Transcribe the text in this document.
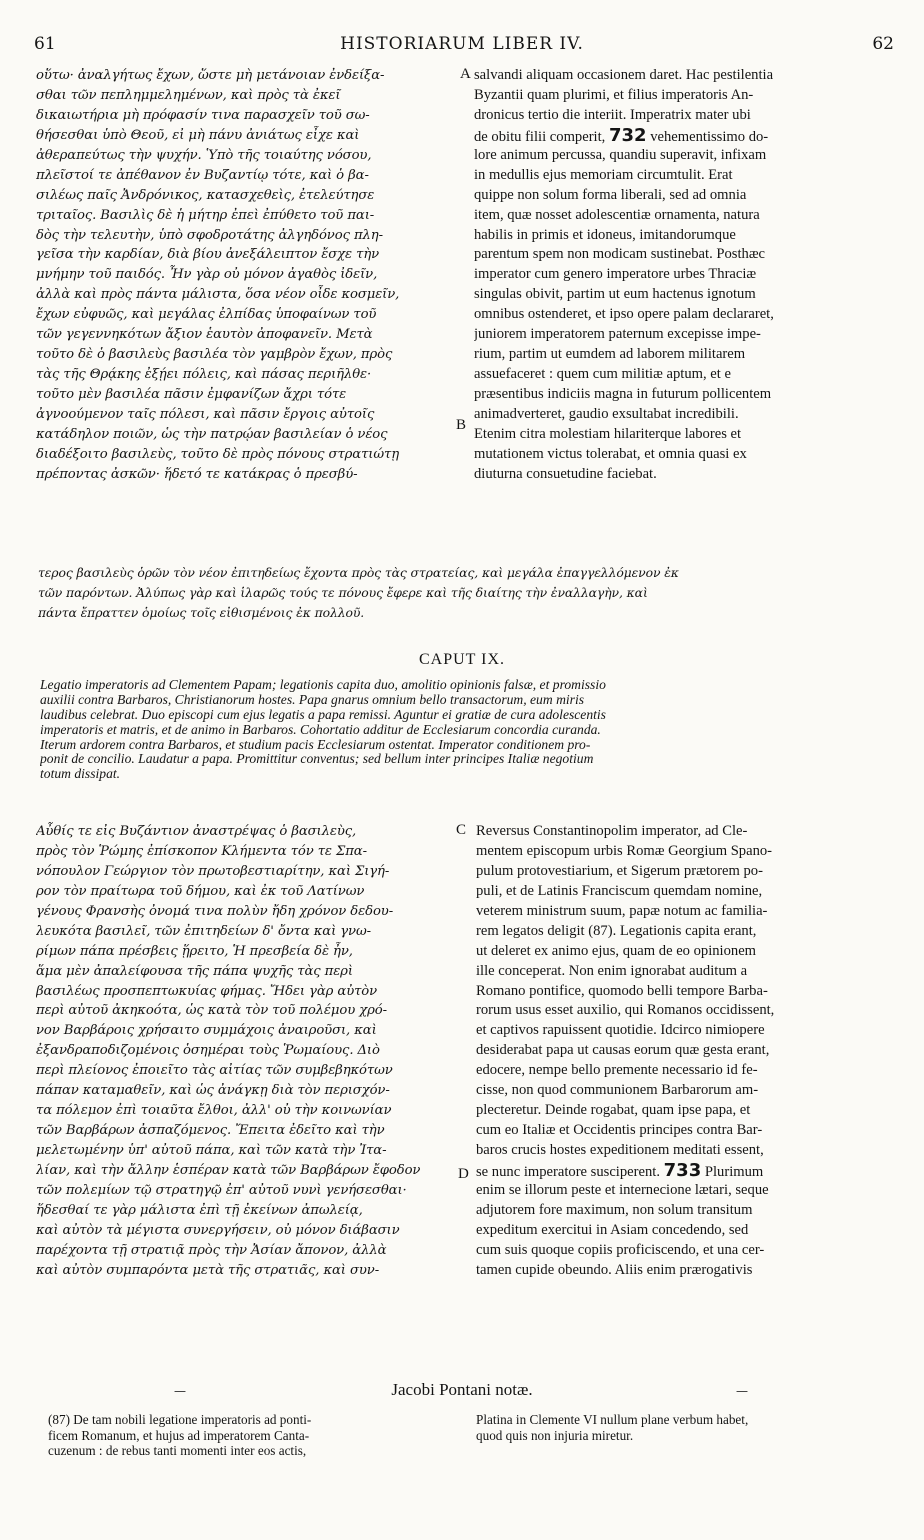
61	HISTORIARUM LIBER IV.	62
οὕτω· ἀναλγήτως ἔχων, ὥστε μὴ μετάνοιαν ἐνδείξα-
σθαι τῶν πεπλημμελημένων, καὶ πρὸς τὰ ἐκεῖ
δικαιωτήρια μὴ πρόφασίν τινα παρασχεῖν τοῦ σω-
θήσεσθαι ὑπὸ Θεοῦ, εἰ μὴ πάνυ ἀνιάτως εἶχε καὶ
ἀθεραπεύτως τὴν ψυχήν. Ὑπὸ τῆς τοιαύτης νόσου,
πλεῖστοί τε ἀπέθανον ἐν Βυζαντίῳ τότε, καὶ ὁ βα-
σιλέως παῖς Ἀνδρόνικος, κατασχεθεὶς, ἐτελεύτησε
τριταῖος. Βασιλὶς δὲ ἡ μήτηρ ἐπεὶ ἐπύθετο τοῦ παι-
δὸς τὴν τελευτὴν, ὑπὸ σφοδροτάτης ἀλγηδόνος πλη-
γεῖσα τὴν καρδίαν, διὰ βίου ἀνεξάλειπτον ἔσχε τὴν
μνήμην τοῦ παιδός. Ἦν γὰρ οὐ μόνον ἀγαθὸς ἰδεῖν,
ἀλλὰ καὶ πρὸς πάντα μάλιστα, ὅσα νέον οἶδε κοσμεῖν,
ἔχων εὐφυῶς, καὶ μεγάλας ἐλπίδας ὑποφαίνων τοῦ
τῶν γεγεννηκότων ἄξιον ἑαυτὸν ἀποφανεῖν. Μετὰ
τοῦτο δὲ ὁ βασιλεὺς βασιλέα τὸν γαμβρὸν ἔχων, πρὸς
τὰς τῆς Θρᾴκης ἐξῄει πόλεις, καὶ πάσας περιῆλθε·
τοῦτο μὲν βασιλέα πᾶσιν ἐμφανίζων ἄχρι τότε
ἀγνοούμενον ταῖς πόλεσι, καὶ πᾶσιν ἔργοις αὐτοῖς
κατάδηλον ποιῶν, ὡς τὴν πατρῴαν βασιλείαν ὁ νέος
διαδέξοιτο βασιλεὺς, τοῦτο δὲ πρὸς πόνους στρατιώτῃ
πρέποντας ἀσκῶν· ἥδετό τε κατάκρας ὁ πρεσβύ-
A
B
salvandi aliquam occasionem daret. Hac pestilentia
Byzantii quam plurimi, et filius imperatoris An-
dronicus tertio die interiit. Imperatrix mater ubi
de obitu filii comperit, 732 vehementissimo do-
lore animum percussa, quandiu superavit, infixam
in medullis ejus memoriam circumtulit. Erat
quippe non solum forma liberali, sed ad omnia
item, quæ nosset adolescentiæ ornamenta, natura
habilis in primis et idoneus, imitandorumque
parentum spem non modicam sustinebat. Posthæc
imperator cum genero imperatore urbes Thraciæ
singulas obivit, partim ut eum hactenus ignotum
omnibus ostenderet, et ipso opere palam declararet,
juniorem imperatorem paternum excepisse impe-
rium, partim ut eumdem ad laborem militarem
assuefaceret : quem cum militiæ aptum, et e
præsentibus indiciis magna in futurum pollicentem
animadverteret, gaudio exsultabat incredibili.
Etenim citra molestiam hilariterque labores et
mutationem victus tolerabat, et omnia quasi ex
diuturna consuetudine faciebat.
τερος βασιλεὺς ὁρῶν τὸν νέον ἐπιτηδείως ἔχοντα πρὸς τὰς στρατείας, καὶ μεγάλα ἐπαγγελλόμενον ἐκ
τῶν παρόντων. Ἀλύπως γὰρ καὶ ἱλαρῶς τούς τε πόνους ἔφερε καὶ τῆς διαίτης τὴν ἐναλλαγὴν, καὶ
πάντα ἔπραττεν ὁμοίως τοῖς εἰθισμένοις ἐκ πολλοῦ.
CAPUT IX.
Legatio imperatoris ad Clementem Papam; legationis capita duo, amolitio opinionis falsæ, et promissio
auxilii contra Barbaros, Christianorum hostes. Papa gnarus omnium bello transactorum, eum miris
laudibus celebrat. Duo episcopi cum ejus legatis a papa remissi. Aguntur ei gratiæ de cura adolescentis
imperatoris et matris, et de animo in Barbaros. Cohortatio additur de Ecclesiarum concordia curanda.
Iterum ardorem contra Barbaros, et studium pacis Ecclesiarum ostentat. Imperator conditionem pro-
ponit de concilio. Laudatur a papa. Promittitur conventus; sed bellum inter principes Italiæ negotium
totum dissipat.
Αὖθίς τε εἰς Βυζάντιον ἀναστρέψας ὁ βασιλεὺς,
πρὸς τὸν Ῥώμης ἐπίσκοπον Κλήμεντα τόν τε Σπα-
νόπουλον Γεώργιον τὸν πρωτοβεστιαρίτην, καὶ Σιγή-
ρον τὸν πραίτωρα τοῦ δήμου, καὶ ἐκ τοῦ Λατίνων
γένους Φρανσὴς ὀνομά τινα πολὺν ἤδη χρόνον δεδου-
λευκότα βασιλεῖ, τῶν ἐπιτηδείων δ' ὄντα καὶ γνω-
ρίμων πάπα πρέσβεις ᾕρειτο, Ἡ πρεσβεία δὲ ἦν,
ἅμα μὲν ἀπαλείφουσα τῆς πάπα ψυχῆς τὰς περὶ
βασιλέως προσπεπτωκυίας φήμας. Ἤδει γὰρ αὐτὸν
περὶ αὐτοῦ ἀκηκοότα, ὡς κατὰ τὸν τοῦ πολέμου χρό-
νον Βαρβάροις χρήσαιτο συμμάχοις ἀναιροῦσι, καὶ
ἐξανδραποδιζομένοις ὁσημέραι τοὺς Ῥωμαίους. Διὸ
περὶ πλείονος ἐποιεῖτο τὰς αἰτίας τῶν συμβεβηκότων
πάπαν καταμαθεῖν, καὶ ὡς ἀνάγκῃ διὰ τὸν περισχόν-
τα πόλεμον ἐπὶ τοιαῦτα ἔλθοι, ἀλλ' οὐ τὴν κοινωνίαν
τῶν Βαρβάρων ἀσπαζόμενος. Ἔπειτα ἐδεῖτο καὶ τὴν
μελετωμένην ὑπ' αὐτοῦ πάπα, καὶ τῶν κατὰ τὴν Ἰτα-
λίαν, καὶ τὴν ἄλλην ἑσπέραν κατὰ τῶν Βαρβάρων ἔφοδον
τῶν πολεμίων τῷ στρατηγῷ ἐπ' αὐτοῦ νυνὶ γενήσεσθαι·
ἥδεσθαί τε γὰρ μάλιστα ἐπὶ τῇ ἐκείνων ἀπωλείᾳ,
καὶ αὐτὸν τὰ μέγιστα συνεργήσειν, οὐ μόνον διάβασιν
παρέχοντα τῇ στρατιᾷ πρὸς τὴν Ἀσίαν ἄπονον, ἀλλὰ
καὶ αὐτὸν συμπαρόντα μετὰ τῆς στρατιᾶς, καὶ συν-
C
D
Reversus Constantinopolim imperator, ad Cle-
mentem episcopum urbis Romæ Georgium Spano-
pulum protovestiarium, et Sigerum prætorem po-
puli, et de Latinis Franciscum quemdam nomine,
veterem ministrum suum, papæ notum ac familia-
rem legatos deligit (87). Legationis capita erant,
ut deleret ex animo ejus, quam de eo opinionem
ille conceperat. Non enim ignorabat auditum a
Romano pontifice, quomodo belli tempore Barba-
rorum usus esset auxilio, qui Romanos occidissent,
et captivos rapuissent quotidie. Idcirco nimiopere
desiderabat papa ut causas eorum quæ gesta erant,
edocere, nempe bello premente necessario id fe-
cisse, non quod communionem Barbarorum am-
plecteretur. Deinde rogabat, quam ipse papa, et
cum eo Italiæ et Occidentis principes contra Bar-
baros crucis hostes expeditionem meditati essent,
se nunc imperatore susciperent. 733 Plurimum
enim se illorum peste et internecione lætari, seque
adjutorem fore maximum, non solum transitum
expeditum exercitui in Asiam concedendo, sed
cum suis quoque copiis proficiscendo, et una cer-
tamen cupide obeundo. Aliis enim prærogativis
—	—
Jacobi Pontani notæ.
(87) De tam nobili legatione imperatoris ad ponti-
ficem Romanum, et hujus ad imperatorem Canta-
cuzenum : de rebus tanti momenti inter eos actis,
Platina in Clemente VI nullum plane verbum habet,
quod quis non injuria miretur.
